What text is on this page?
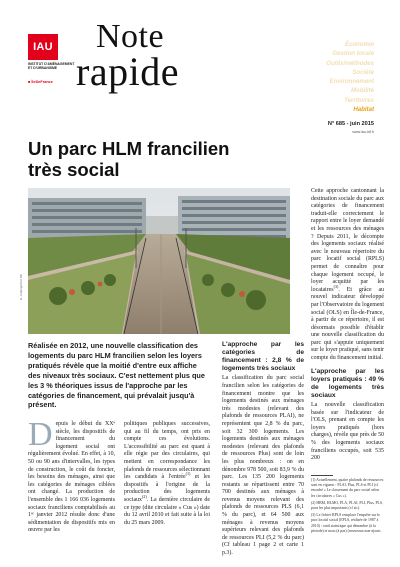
IAU
INSTITUT D'AMÉNAGEMENT ET D'URBANISME
■ ÎleDeFrance
Note
rapide
Économie
Gestion locale
Outils/méthodes
Société
Environnement
Mobilité
Territoires
Habitat
N° 685 - juin 2015
www.iau-idf.fr
Un parc HLM francilien
très social
G. Ardengo/IAU îdF
Réalisée en 2012, une nouvelle classification des logements du parc HLM francilien selon les loyers pratiqués révèle que la moitié d'entre eux affiche des niveaux très sociaux. C'est nettement plus que les 3 % théoriques issus de l'approche par les catégories de financement, qui prévalait jusqu'à présent.
D epuis le début du XXᵉ siècle, les dispositifs de financement du logement social ont régulièrement évolué. En effet, à 10, 50 ou 90 ans d'intervalles, les types de construction, le coût du foncier, les besoins des ménages, ainsi que les catégories de ménages ciblées ont changé. La production de l'ensemble des 1 166 036 logements sociaux franciliens comptabilisés au 1ᵉʳ janvier 2012 résulte donc d'une sédimentation de dispositifs mis en œuvre par les
politiques publiques successives, qui au fil du temps, ont pris en compte ces évolutions. L'accessibilité au parc est quant à elle régie par des circulaires, qui mettent en correspondance les plafonds de ressources sélectionnant les candidats à l'entrée$^{(1)}$ et les dispositifs à l'origine de la production des logements sociaux$^{(2)}$. La dernière circulaire de ce type (dite circulaire « Cus ») date du 12 avril 2010 et fait suite à la loi du 25 mars 2009.
L'approche par les catégories de financement : 2,8 % de logements très sociaux
La classification du parc social francilien selon les catégories de financement montre que les logements destinés aux ménages très modestes (relevant des plafonds de ressources PLAI), ne représentent que 2,8 % du parc, soit 32 300 logements. Les logements destinés aux ménages modestes (relevant des plafonds de ressources Plus) sont de loin les plus nombreux : on en dénombre 978 500, soit 83,9 % du parc. Les 135 200 logements restants se répartissent entre 70 700 destinés aux ménages à revenus moyens relevant des plafonds de ressources PLS (6,1 % du parc), et 64 500 aux ménages à revenus moyens supérieurs relevant des plafonds de ressources PLI (5,2 % du parc) (Cf tableau 1 page 2 et carte 1 p.3).
Cette approche cantonnant la destination sociale du parc aux catégories de financement traduit-elle correctement le rapport entre le loyer demandé et les ressources des ménages ? Depuis 2011, le décompte des logements sociaux réalisé avec le nouveau répertoire du parc locatif social (RPLS) permet de connaître pour chaque logement occupé, le loyer acquitté par les locataires$^{(3)}$. Et grâce au nouvel indicateur développé par l'Observatoire du logement social (OLS) en Île-de-France, à partir de ce répertoire, il est désormais possible d'établir une nouvelle classification du parc qui s'appuie uniquement sur le loyer pratiqué, sans tenir compte du financement initial.
L'approche par les loyers pratiqués : 49 % de logements très sociaux
La nouvelle classification basée sur l'indicateur de l'OLS, prenant en compte les loyers pratiqués (hors charges), révèle que près de 50 % des logements sociaux franciliens occupés, soit 535 200
(1) Actuellement, quatre plafonds de ressources sont en vigueur : PLAI, Plus, PLS et PLI (cf encadré « Le classement du parc social selon les circulaires « Cus »).
(2) HBM, HLMO, PLA, PLAI, PLI, Plus, PLS, pour les plus importants (cf sic).
(3) Le fichier RPLS remplace l'enquête sur le parc locatif social (EPLS, réalisée de 1987 à 2010) : outil statistique qui dénombre (à la période) et nous (à pas) (nouveaux non-ajouts
